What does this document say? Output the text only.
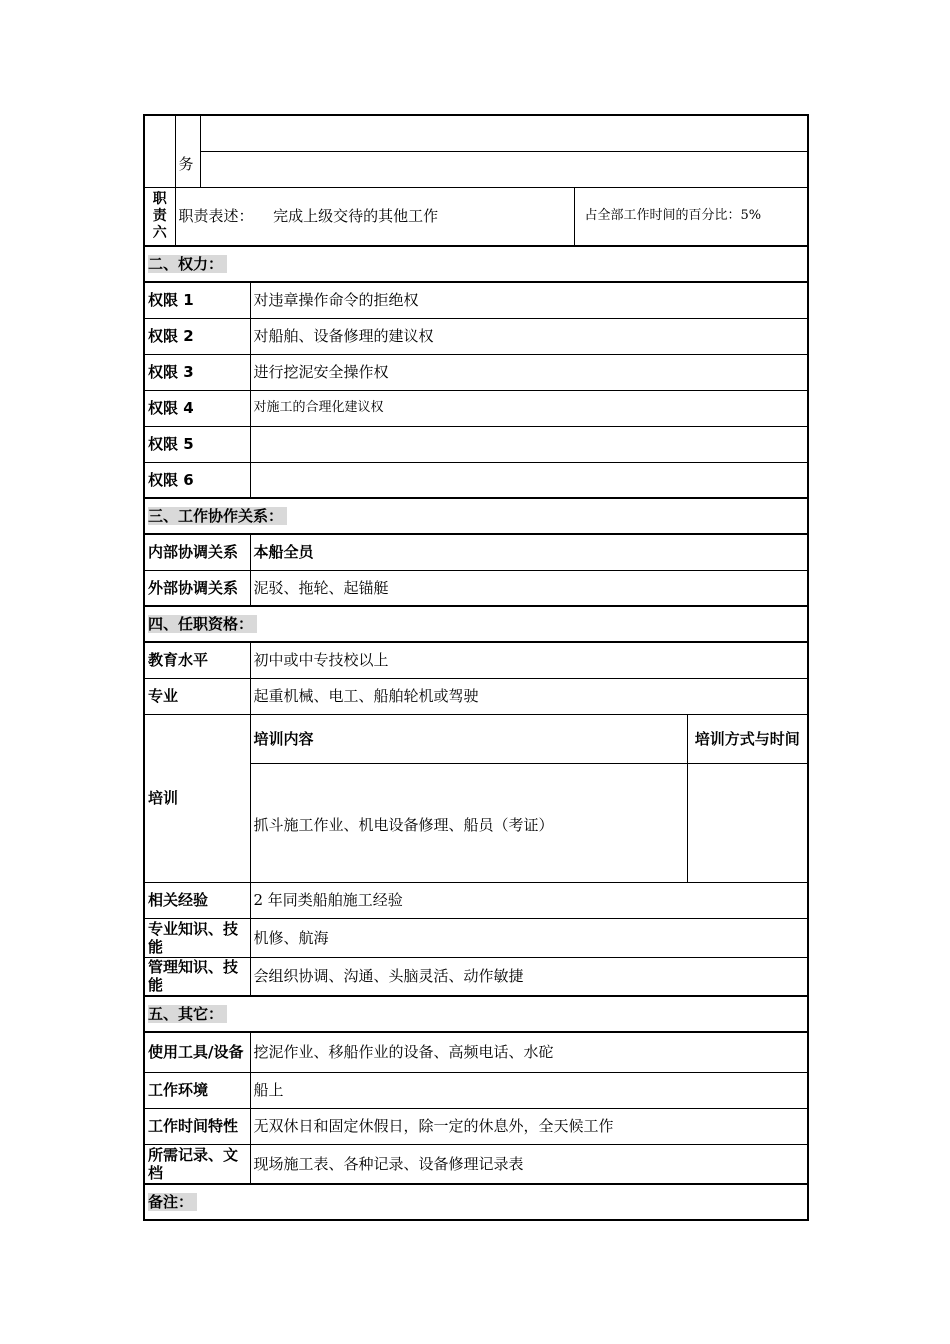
	务		

职责六	职责表述： 完成上级交待的其他工作		占全部工作时间的百分比：5%
二、权力：	
权限 1	对违章操作命令的拒绝权
权限 2	对船舶、设备修理的建议权
权限 3	进行挖泥安全操作权
权限 4	对施工的合理化建议权
权限 5	
权限 6	
三、工作协作关系：	
内部协调关系	本船全员
外部协调关系	泥驳、拖轮、起锚艇
四、任职资格：		
教育水平	初中或中专技校以上	
专业	起重机械、电工、船舶轮机或驾驶	
培训	培训内容	培训方式与时间
	抓斗施工作业、机电设备修理、船员（考证）	
相关经验	2 年同类船舶施工经验	
专业知识、技能	机修、航海	
管理知识、技能	会组织协调、沟通、头脑灵活、动作敏捷	
五、其它：	
使用工具/设备	挖泥作业、移船作业的设备、高频电话、水砣
工作环境	船上
工作时间特性	无双休日和固定休假日，除一定的休息外，全天候工作
所需记录、文档	现场施工表、各种记录、设备修理记录表
备注：	
